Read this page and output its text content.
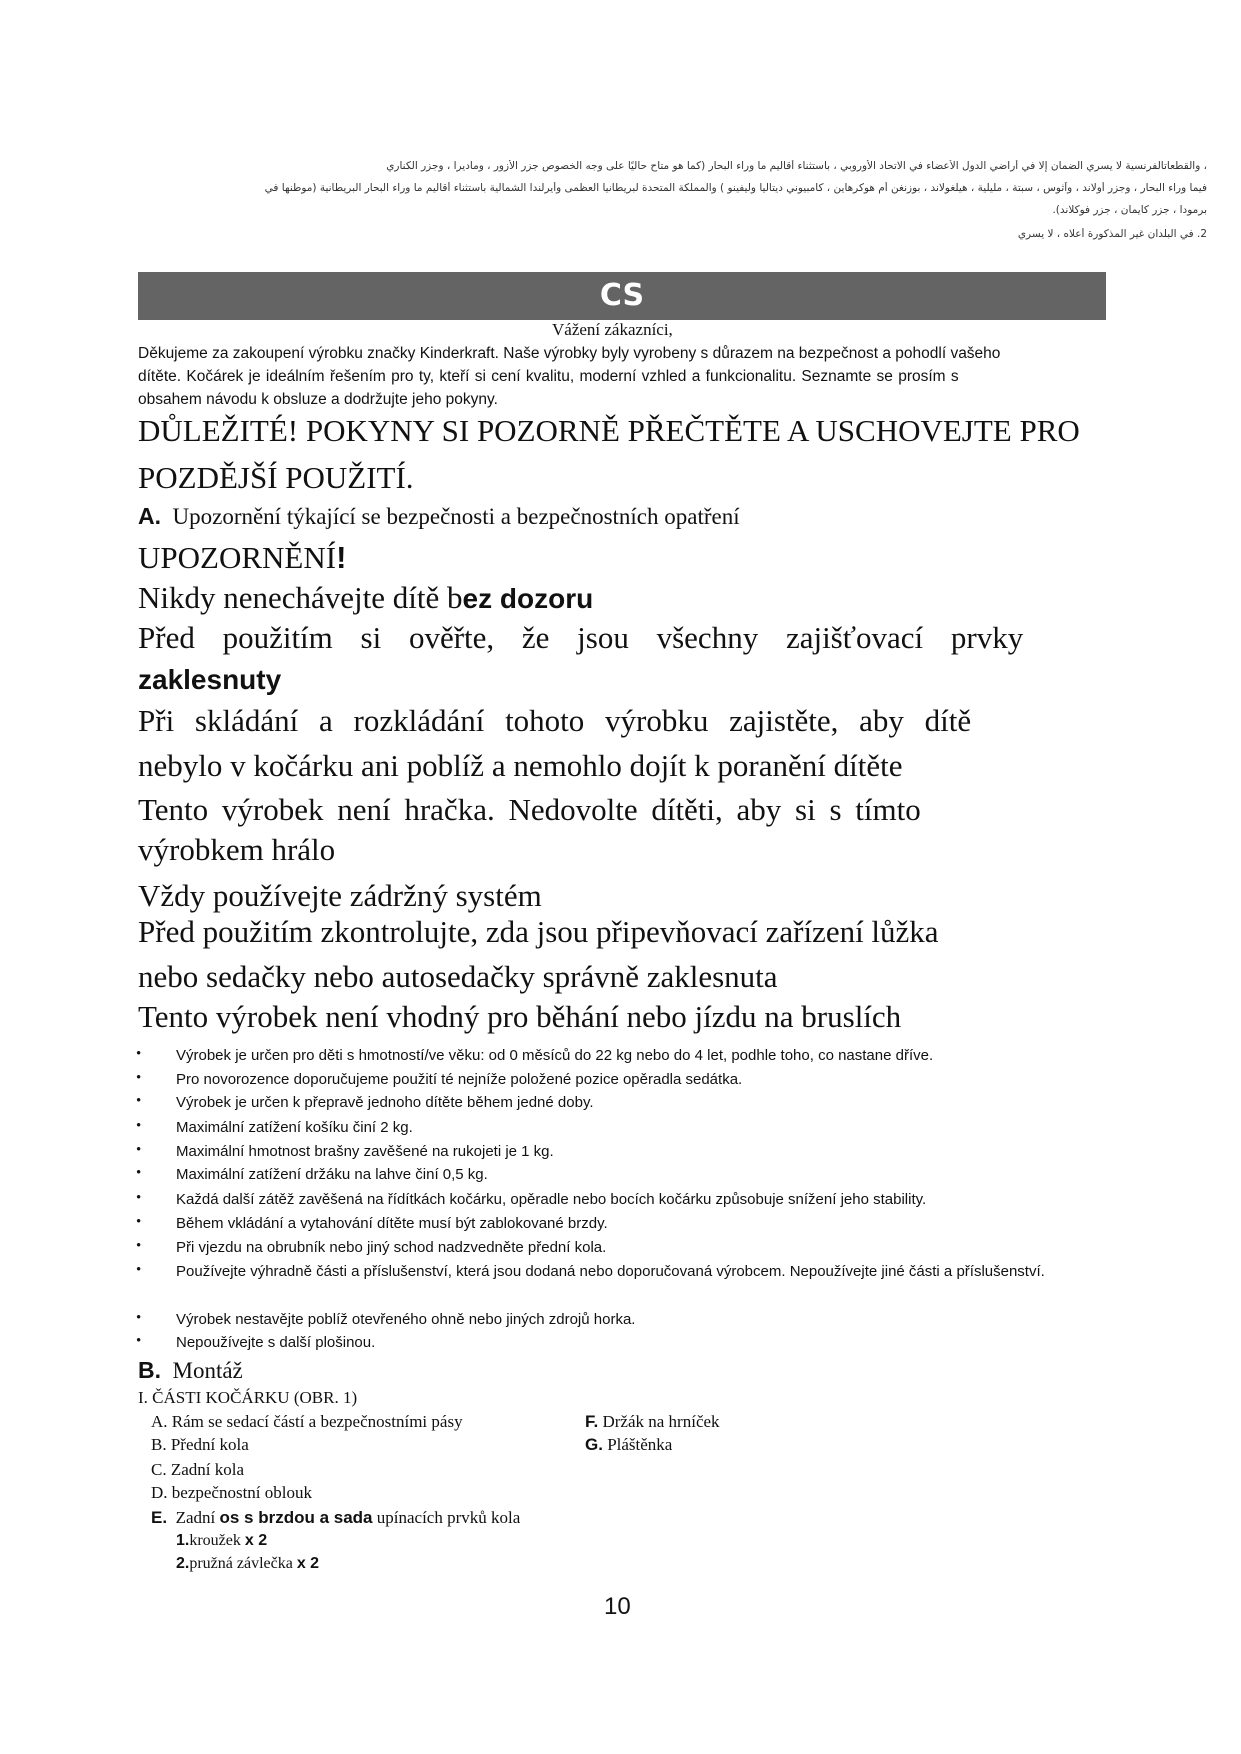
، والقطعاتالفرنسية لا يسري الضمان إلا في أراضي الدول الأعضاء في الاتحاد الأوروبي ، باستثناء أقاليم ما وراء البحار (كما هو متاح حاليًا على وجه الخصوص جزر الأزور ، وماديرا ، وجزر الكناري
فيما وراء البحار ، وجزر أولاند ، وآثوس ، سبتة ، مليلية ، هيلغولاند ، بوزنغن أم هوكرهاين ، كامبيوني ديتاليا وليفينو ) والمملكة المتحدة لبريطانيا العظمى وأيرلندا الشمالية باستثناء أقاليم ما وراء البحار البريطانية (موطنها في
برمودا ، جزر كايمان ، جزر فوكلاند).
2. في البلدان غير المذكورة أعلاه ، لا يسري
CS
Vážení zákazníci,
Děkujeme za zakoupení výrobku značky Kinderkraft. Naše výrobky byly vyrobeny s důrazem na bezpečnost a pohodlí vašeho
dítěte. Kočárek je ideálním řešením pro ty, kteří si cení kvalitu, moderní vzhled a funkcionalitu. Seznamte se prosím s
obsahem návodu k obsluze a dodržujte jeho pokyny.
DŮLEŽITÉ! POKYNY SI POZORNĚ PŘEČTĚTE A USCHOVEJTE PRO
POZDĚJŠÍ POUŽITÍ.
A. Upozornění týkající se bezpečnosti a bezpečnostních opatření
UPOZORNĚNÍ!
Nikdy nenechávejte dítě bez dozoru
Před použitím si ověřte, že jsou všechny zajišťovací prvky
zaklesnuty
Při skládání a rozkládání tohoto výrobku zajistěte, aby dítě
nebylo v kočárku ani poblíž a nemohlo dojít k poranění dítěte
Tento výrobek není hračka. Nedovolte dítěti, aby si s tímto
výrobkem hrálo
Vždy používejte zádržný systém
Před použitím zkontrolujte, zda jsou připevňovací zařízení lůžka
nebo sedačky nebo autosedačky správně zaklesnuta
Tento výrobek není vhodný pro běhání nebo jízdu na bruslích
• Výrobek je určen pro děti s hmotností/ve věku: od 0 měsíců do 22 kg nebo do 4 let, podhle toho, co nastane dříve.
• Pro novorozence doporučujeme použití té nejníže položené pozice opěradla sedátka.
• Výrobek je určen k přepravě jednoho dítěte během jedné doby.
• Maximální zatížení košíku činí 2 kg.
• Maximální hmotnost brašny zavěšené na rukojeti je 1 kg.
• Maximální zatížení držáku na lahve činí 0,5 kg.
• Každá další zátěž zavěšená na řídítkách kočárku, opěradle nebo bocích kočárku způsobuje snížení jeho stability.
• Během vkládání a vytahování dítěte musí být zablokované brzdy.
• Při vjezdu na obrubník nebo jiný schod nadzvedněte přední kola.
• Používejte výhradně části a příslušenství, která jsou dodaná nebo doporučovaná výrobcem. Nepoužívejte jiné části a příslušenství.
• Výrobek nestavějte poblíž otevřeného ohně nebo jiných zdrojů horka.
• Nepoužívejte s další plošinou.
B. Montáž
I. ČÁSTI KOČÁRKU (OBR. 1)
A. Rám se sedací částí a bezpečnostními pásy
B. Přední kola
C. Zadní kola
D. bezpečnostní oblouk
E. Zadní os s brzdou a sada upínacích prvků kola
1.kroužek x 2
2.pružná závlečka x 2
F. Držák na hrníček
G. Pláštěnka
10
